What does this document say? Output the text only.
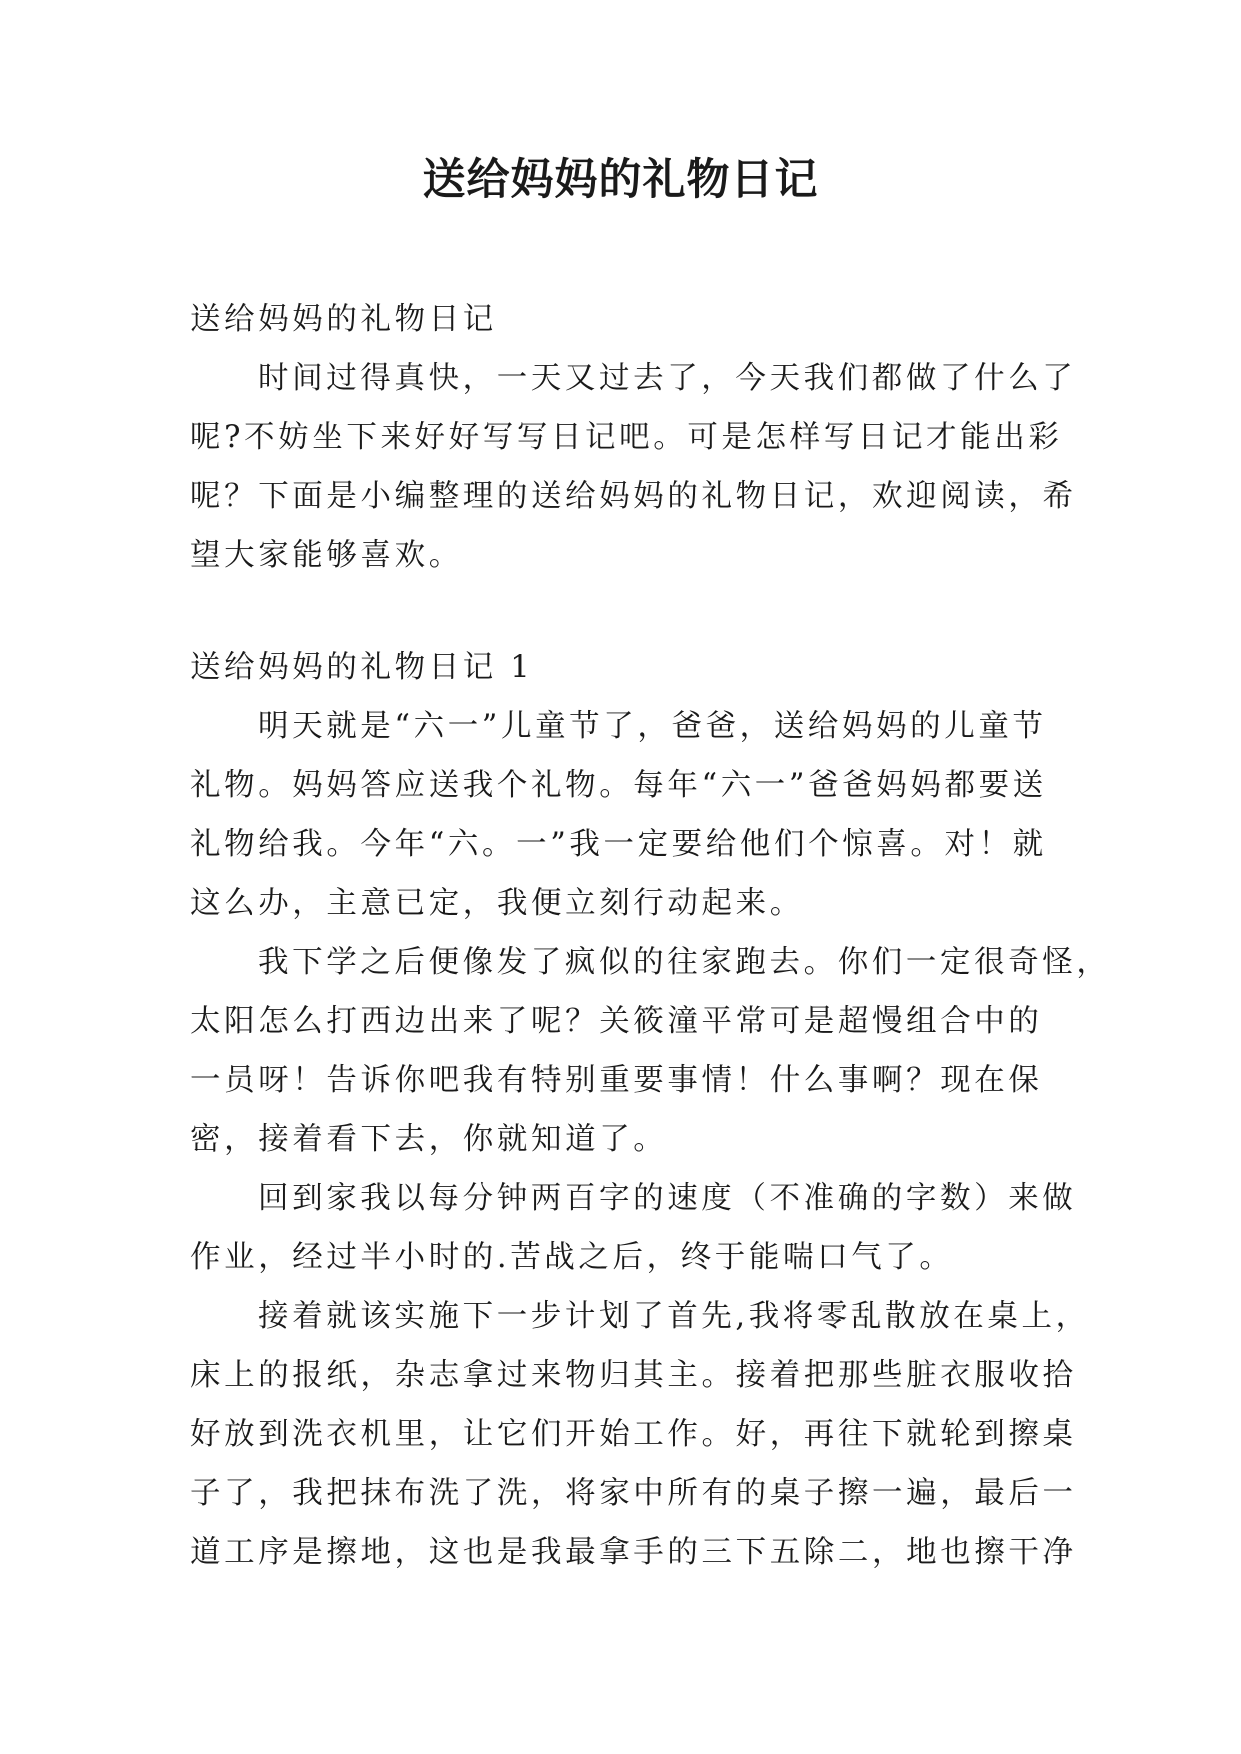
送给妈妈的礼物日记
送给妈妈的礼物日记
时间过得真快，一天又过去了，今天我们都做了什么了
呢?不妨坐下来好好写写日记吧。可是怎样写日记才能出彩
呢？下面是小编整理的送给妈妈的礼物日记，欢迎阅读，希
望大家能够喜欢。
送给妈妈的礼物日记 1
明天就是“六一”儿童节了，爸爸，送给妈妈的儿童节
礼物。妈妈答应送我个礼物。每年“六一”爸爸妈妈都要送
礼物给我。今年“六。一”我一定要给他们个惊喜。对！就
这么办，主意已定，我便立刻行动起来。
我下学之后便像发了疯似的往家跑去。你们一定很奇怪，
太阳怎么打西边出来了呢？关筱潼平常可是超慢组合中的
一员呀！告诉你吧我有特别重要事情！什么事啊？现在保
密，接着看下去，你就知道了。
回到家我以每分钟两百字的速度（不准确的字数）来做
作业，经过半小时的.苦战之后，终于能喘口气了。
接着就该实施下一步计划了首先,我将零乱散放在桌上，
床上的报纸，杂志拿过来物归其主。接着把那些脏衣服收拾
好放到洗衣机里，让它们开始工作。好，再往下就轮到擦桌
子了，我把抹布洗了洗，将家中所有的桌子擦一遍，最后一
道工序是擦地，这也是我最拿手的三下五除二，地也擦干净
